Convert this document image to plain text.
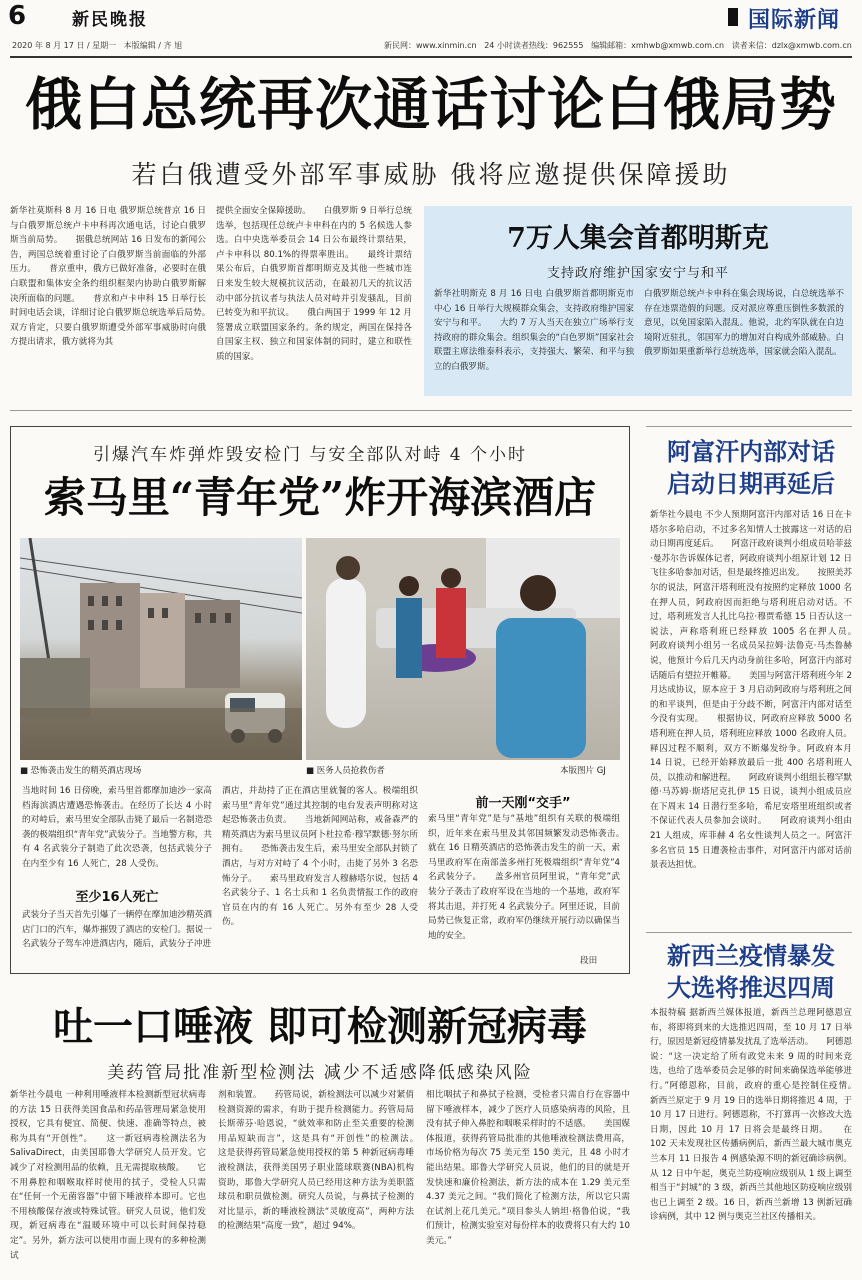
6	新民晚报	国际新闻
2020 年 8 月 17 日 / 星期一 本版编辑 / 齐 旭	新民网：www.xinmin.cn 24 小时读者热线：962555 编辑邮箱：xmhwb@xmwb.com.cn 读者来信：dzlx@xmwb.com.cn
俄白总统再次通话讨论白俄局势
若白俄遭受外部军事威胁 俄将应邀提供保障援助
新华社莫斯科 8 月 16 日电 俄罗斯总统普京 16 日与白俄罗斯总统卢卡申科再次通电话，讨论白俄罗斯当前局势。　　据俄总统网站 16 日发布的新闻公告，两国总统着重讨论了白俄罗斯当前面临的外部压力。　　普京重申，俄方已做好准备，必要时在俄白联盟和集体安全条约组织框架内协助白俄罗斯解决所面临的问题。　　普京和卢卡申科 15 日举行长时间电话会谈，详细讨论白俄罗斯总统选举后局势。　　双方肯定，只要白俄罗斯遭受外部军事威胁时向俄方提出请求，俄方就将为其
提供全面安全保障援助。　　白俄罗斯 9 日举行总统选举，包括现任总统卢卡申科在内的 5 名候选人参选。白中央选举委员会 14 日公布最终计票结果，卢卡申科以 80.1%的得票率胜出。　　最终计票结果公布后，白俄罗斯首都明斯克及其他一些城市连日来发生较大规模抗议活动，在最初几天的抗议活动中部分抗议者与执法人员对峙并引发骚乱，目前已转变为和平抗议。　　俄白两国于 1999 年 12 月签署成立联盟国家条约。条约规定，两国在保持各自国家主权、独立和国家体制的同时，建立和联性质的国家。
7万人集会首都明斯克
支持政府维护国家安宁与和平
新华社明斯克 8 月 16 日电 白俄罗斯首都明斯克市中心 16 日举行大规模群众集会，支持政府维护国家安宁与和平。　　大约 7 万人当天在独立广场举行支持政府的群众集会。组织集会的“白色罗斯”国家社会联盟主席法维泰科表示，支持强大、繁荣、和平与独立的白俄罗斯。
白俄罗斯总统卢卡申科在集会现场说，白总统选举不存在违票造假的问题。反对派应尊重压倒性多数派的意见，以免国家陷入混乱。他说，北约军队就在白边境附近驻扎，邻国军力的增加对白构成外部威胁。白俄罗斯如果重新举行总统选举，国家就会陷入混乱。
引爆汽车炸弹炸毁安检门 与安全部队对峙 4 个小时
索马里“青年党”炸开海滨酒店
■ 恐怖袭击发生的精英酒店现场	■ 医务人员抢救伤者	本版图片 GJ
当地时间 16 日傍晚，索马里首都摩加迪沙一家高档海滨酒店遭遇恐怖袭击。在经历了长达 4 小时的对峙后，索马里安全部队击毙了最后一名制造恐袭的极端组织“青年党”武装分子。当地警方称，共有 4 名武装分子制造了此次恐袭，包括武装分子在内至少有 16 人死亡，28 人受伤。
至少16人死亡
武装分子当天首先引爆了一辆停在摩加迪沙精英酒店门口的汽车，爆炸摧毁了酒店的安检门。据说一名武装分子驾车冲进酒店内，随后，武装分子冲进
酒店，并劫持了正在酒店里就餐的客人。极端组织索马里“青年党”通过其控制的电台发表声明称对这起恐怖袭击负责。　　当地新闻网站称，戒备森严的精英酒店为索马里议员阿卜杜拉希·穆罕默德·努尔所拥有。　　恐怖袭击发生后，索马里安全部队封锁了酒店，与对方对峙了 4 个小时，击毙了另外 3 名恐怖分子。　　索马里政府发言人穆赫塔尔说，包括 4 名武装分子、1 名士兵和 1 名负责情报工作的政府官员在内的有 16 人死亡。另外有至少 28 人受伤。
前一天刚“交手”
索马里“青年党”是与“基地”组织有关联的极端组织，近年来在索马里及其邻国频繁发动恐怖袭击。　　就在 16 日精英酒店的恐怖袭击发生的前一天，索马里政府军在南部盖多州打死极端组织“青年党”4 名武装分子。　　盖多州官员阿里说，“青年党”武装分子袭击了政府军设在当地的一个基地，政府军将其击退，并打死 4 名武装分子。阿里还说，目前局势已恢复正常，政府军仍继续开展行动以确保当地的安全。
段田
阿富汗内部对话启动日期再延后
新华社今晨电 不少人预期阿富汗内部对话 16 日在卡塔尔多哈启动，不过多名知情人士披露这一对话的启动日期再度延后。　　阿富汗政府谈判小组成员哈菲兹·曼苏尔告诉媒体记者，阿政府谈判小组原计划 12 日飞往多哈参加对话，但是最终推迟出发。　　按照美苏尔的说法，阿富汗塔利班没有按照约定释放 1000 名在押人员，阿政府因而拒绝与塔利班启动对话。不过，塔利班发言人扎比乌拉·穆贾希德 15 日否认这一说法，声称塔利班已经释放 1005 名在押人员。　　阿政府谈判小组另一名成员呆拉姆·法鲁克·马杰鲁赫说，他预计今后几天内动身前往多哈，阿富汗内部对话随后有望拉开帷幕。　　美国与阿富汗塔利班今年 2 月达成协议，原本应于 3 月启动阿政府与塔利班之间的和平谈判，但是由于分歧不断，阿富汗内部对话至今没有实现。　　根据协议，阿政府应释放 5000 名塔利班在押人员，塔利班应释放 1000 名政府人员。释囚过程不顺利，双方不断爆发纷争。阿政府本月 14 日说，已经开始释放最后一批 400 名塔利班人员，以推动和解进程。　　阿政府谈判小组组长穆罕默德·马苏姆·斯塔尼克扎伊 15 日说，谈判小组成员应在下周末 14 日潜行至多哈，希尼安塔里班组织或者不保证代表人员参加会谈时。　　阿政府谈判小组由 21 人组成，库菲赫 4 名女性谈判人员之一。阿富汗多名官员 15 日遭袭检击事件，对阿富汗内部对话前景表达担忧。
新西兰疫情暴发大选将推迟四周
本报特稿 据新西兰媒体报道，新西兰总理阿德恩宣布，将即将到来的大选推迟四周，至 10 月 17 日举行，原因是新冠疫情暴发扰乱了选举活动。　　阿德恩说：“这一决定给了所有政党未来 9 周的时间来竞选，也给了选举委员会足够的时间来确保选举能够进行。”阿德恩称，目前，政府的重心是控制住疫情。　　新西兰原定于 9 月 19 日的选举日期将推迟 4 周，于 10 月 17 日进行。阿德恩称，不打算再一次修改大选日期，因此 10 月 17 日将会是最终日期。　　在 102 天未发现社区传播病例后，新西兰最大城市奥克兰本月 11 日报告 4 例感染源不明的新冠确诊病例。从 12 日中午起，奥克兰防疫响应级别从 1 级上调至相当于“封城”的 3 级，新西兰其他地区防疫响应级别也已上调至 2 级。16 日，新西兰新增 13 例新冠确诊病例，其中 12 例与奥克兰社区传播相关。
吐一口唾液 即可检测新冠病毒
美药管局批准新型检测法 减少不适感降低感染风险
新华社今晨电 一种利用唾液样本检测新型冠状病毒的方法 15 日获得美国食品和药品管理局紧急使用授权，它具有便宜、简便、快速、准确等特点，被称为具有“开创性”。　　这一新冠病毒检测法名为 SalivaDirect，由美国耶鲁大学研究人员开发。它减少了对检测用品的依赖，且无需提取核酸。　　它不用鼻腔和咽喉取样时使用的拭子，受检人只需在“任何一个无菌容器”中留下唾液样本即可。它也不用核酸保存液或特殊试管。研究人员说，他们发现，新冠病毒在“温暖环境中可以长时间保持稳定”。另外，新方法可以使用市面上现有的多种检测试
剂和装置。　　药管局说，新检测法可以减少对紧俏检测资源的需求，有助于提升检测能力。药管局局长斯蒂芬·哈恩说，“就效率和防止至关重要的检测用品短缺而言”，这是具有“开创性”的检测法。　　这是获得药管局紧急使用授权的第 5 种新冠病毒唾液检测法，获得美国男子职业篮球联赛(NBA)机构资助，耶鲁大学研究人员已经用这种方法为美职篮球员和职员做检测。研究人员说，与鼻拭子检测的对比显示，新的唾液检测法“灵敏度高”，两种方法的检测结果“高度一致”，超过 94%。
相比咽拭子和鼻拭子检测，受检者只需自行在容器中留下唾液样本，减少了医疗人员感染病毒的风险，且没有拭子伸入鼻腔和咽喉采样时的不适感。　　美国媒体报道，获得药管局批准的其他唾液检测法费用高，市场价格为每次 75 美元至 150 美元，且 48 小时才能出结果。耶鲁大学研究人员说，他们的目的就是开发快速和廉价检测法，新方法的成本在 1.29 美元至 4.37 美元之间。“我们简化了检测方法，所以它只需在试剂上花几美元。”项目参头人钠坦·格鲁伯说，“我们预计，检测实验室对每份样本的收费将只有大约 10 美元。”
